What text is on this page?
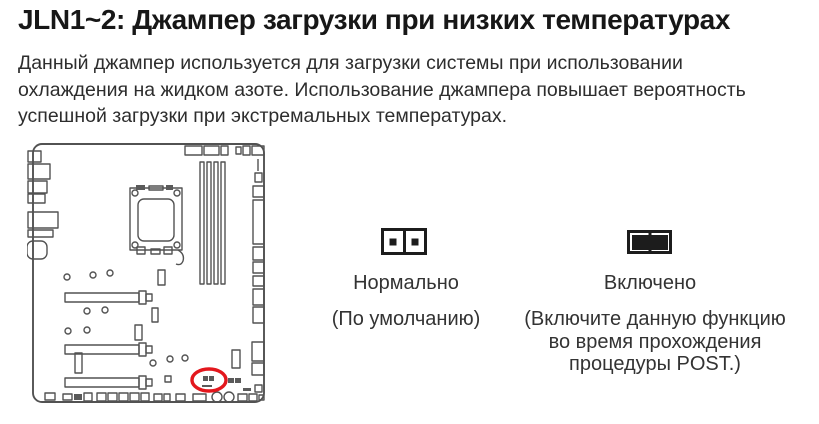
JLN1~2: Джампер загрузки при низких температурах
Данный джампер используется для загрузки системы при использовании
охлаждения на жидком азоте. Использование джампера повышает вероятность
успешной загрузки при экстремальных температурах.
Нормально
(По умолчанию)
Включено
(Включите данную функцию
во время прохождения
процедуры POST.)
